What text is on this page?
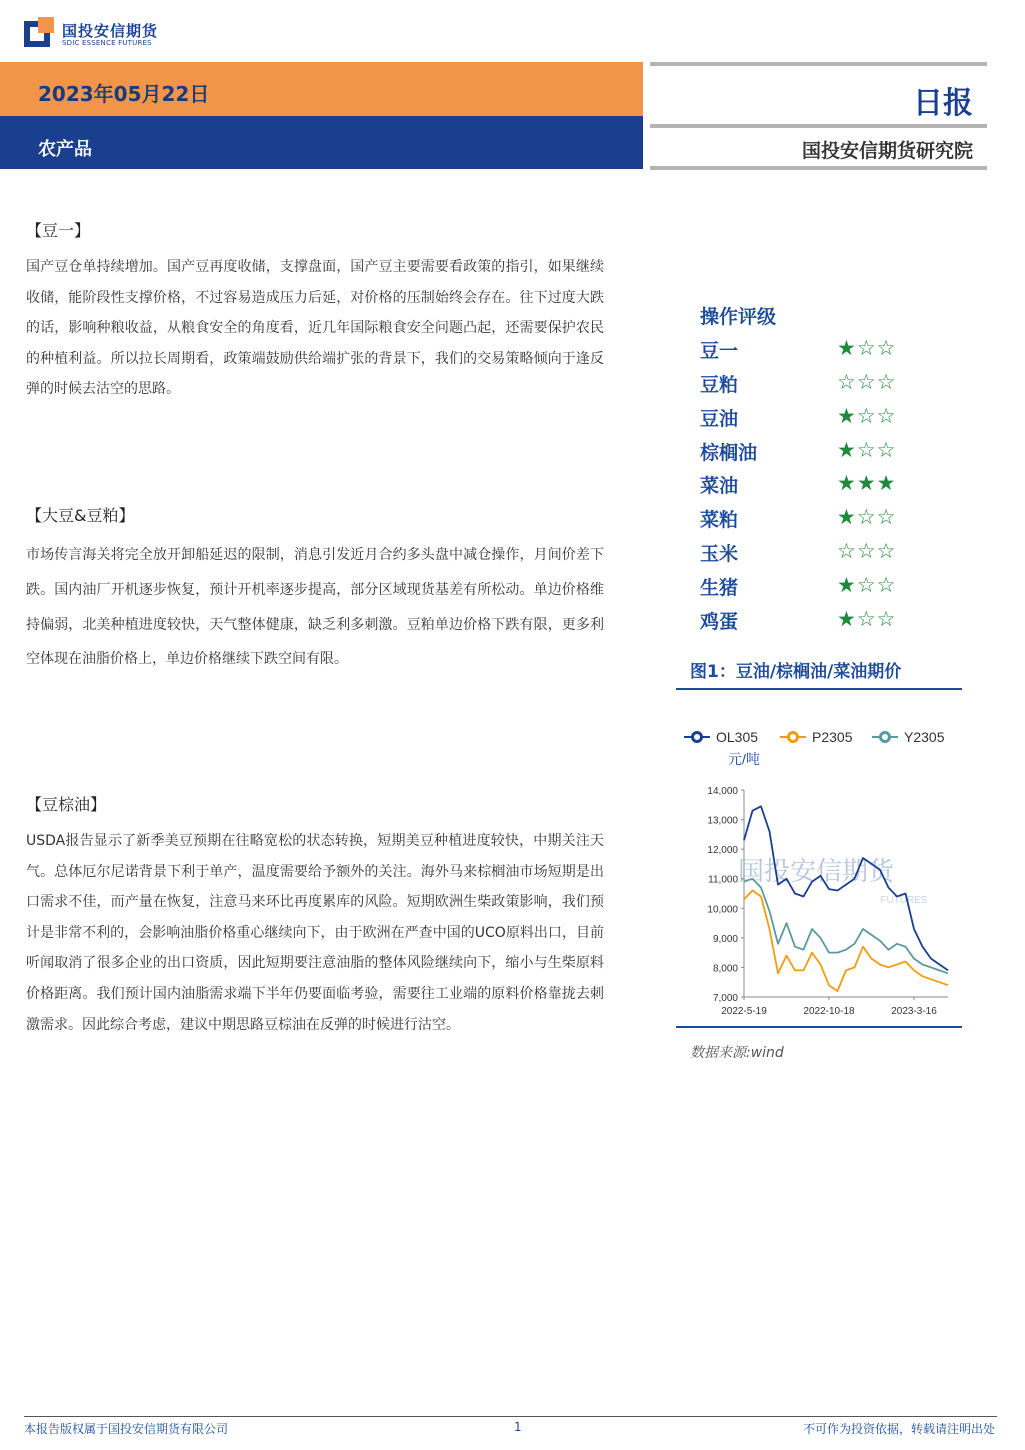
国投安信期货
SDIC ESSENCE FUTURES
2023年05月22日
农产品
日报
国投安信期货研究院
【豆一】
国产豆仓单持续增加。国产豆再度收储，支撑盘面，国产豆主要需要看政策的指引，如果继续收储，能阶段性支撑价格，不过容易造成压力后延，对价格的压制始终会存在。往下过度大跌的话，影响种粮收益，从粮食安全的角度看，近几年国际粮食安全问题凸起，还需要保护农民的种植利益。所以拉长周期看，政策端鼓励供给端扩张的背景下，我们的交易策略倾向于逢反弹的时候去沽空的思路。
【大豆&豆粕】
市场传言海关将完全放开卸船延迟的限制，消息引发近月合约多头盘中减仓操作，月间价差下跌。国内油厂开机逐步恢复，预计开机率逐步提高，部分区域现货基差有所松动。单边价格维持偏弱，北美种植进度较快，天气整体健康，缺乏利多刺激。豆粕单边价格下跌有限，更多利空体现在油脂价格上，单边价格继续下跌空间有限。
【豆棕油】
USDA报告显示了新季美豆预期在往略宽松的状态转换，短期美豆种植进度较快，中期关注天气。总体厄尔尼诺背景下利于单产，温度需要给予额外的关注。海外马来棕榈油市场短期是出口需求不佳，而产量在恢复，注意马来环比再度累库的风险。短期欧洲生柴政策影响，我们预计是非常不利的，会影响油脂价格重心继续向下，由于欧洲在严查中国的UCO原料出口，目前听闻取消了很多企业的出口资质，因此短期要注意油脂的整体风险继续向下，缩小与生柴原料价格距离。我们预计国内油脂需求端下半年仍要面临考验，需要往工业端的原料价格靠拢去刺激需求。因此综合考虑，建议中期思路豆棕油在反弹的时候进行沽空。
操作评级
豆一	★☆☆
豆粕	☆☆☆
豆油	★☆☆
棕榈油	★☆☆
菜油	★★★
菜粕	★☆☆
玉米	☆☆☆
生猪	★☆☆
鸡蛋	★☆☆
图1：豆油/棕榈油/菜油期价
国投安信期货
FUTURES
OL305	P2305	Y2305
元/吨
14,000
13,000
12,000
11,000
10,000
9,000
8,000
7,000
2022-5-19	2022-10-18	2023-3-16
数据来源:wind
本报告版权属于国投安信期货有限公司	1	不可作为投资依据，转载请注明出处
